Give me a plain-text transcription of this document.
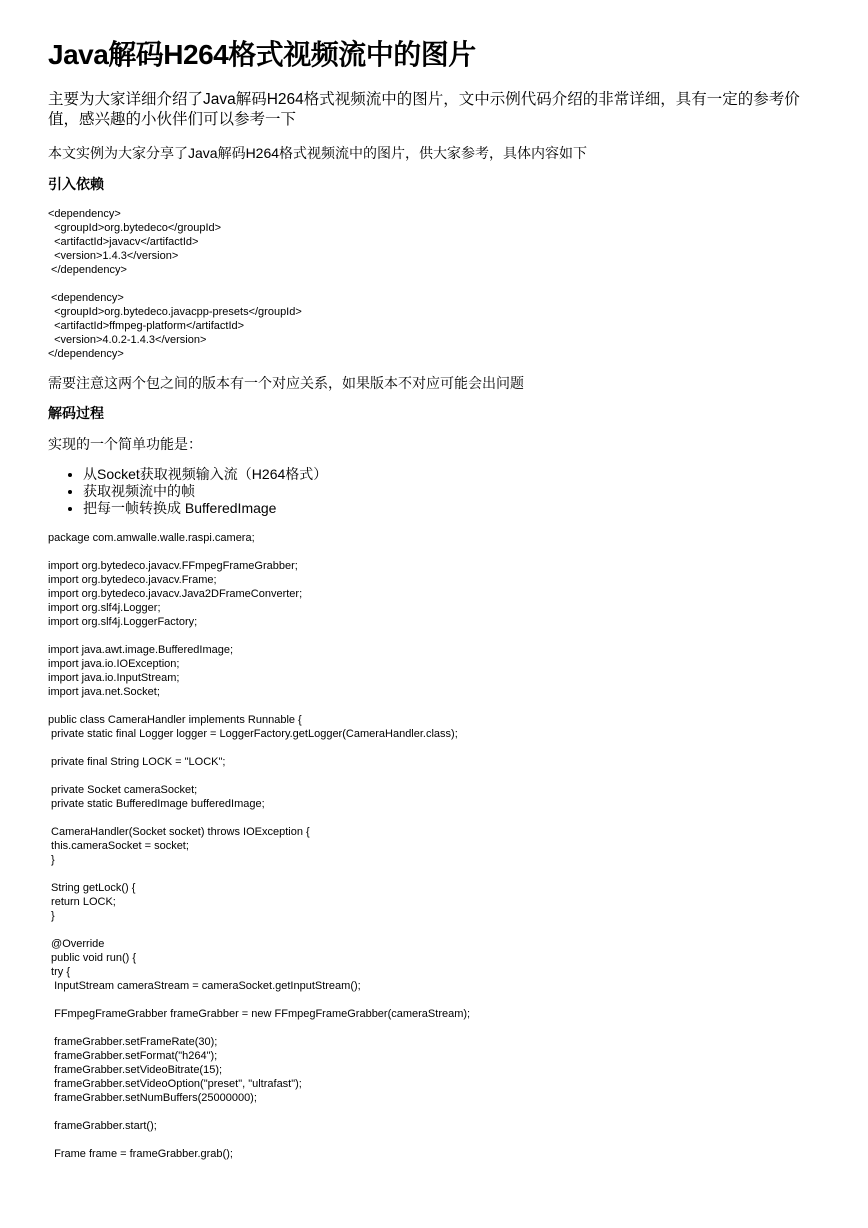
Java解码H264格式视频流中的图片

主要为大家详细介绍了Java解码H264格式视频流中的图片，文中示例代码介绍的非常详细，具有一定的参考价值，感兴趣的小伙伴们可以参考一下

本文实例为大家分享了Java解码H264格式视频流中的图片，供大家参考，具体内容如下

引入依赖

<dependency>
<groupId>org.bytedeco</groupId>
<artifactId>javacv</artifactId>
<version>1.4.3</version>
</dependency>

<dependency>
<groupId>org.bytedeco.javacpp-presets</groupId>
<artifactId>ffmpeg-platform</artifactId>
<version>4.0.2-1.4.3</version>
</dependency>

需要注意这两个包之间的版本有一个对应关系，如果版本不对应可能会出问题

解码过程

实现的一个简单功能是：

• 从Socket获取视频输入流（H264格式）
• 获取视频流中的帧
• 把每一帧转换成 BufferedImage
package com.amwalle.walle.raspi.camera;

import org.bytedeco.javacv.FFmpegFrameGrabber;
import org.bytedeco.javacv.Frame;
import org.bytedeco.javacv.Java2DFrameConverter;
import org.slf4j.Logger;
import org.slf4j.LoggerFactory;

import java.awt.image.BufferedImage;
import java.io.IOException;
import java.io.InputStream;
import java.net.Socket;

public class CameraHandler implements Runnable {
private static final Logger logger = LoggerFactory.getLogger(CameraHandler.class);

private final String LOCK = "LOCK";

private Socket cameraSocket;
private static BufferedImage bufferedImage;

CameraHandler(Socket socket) throws IOException {
this.cameraSocket = socket;
}

String getLock() {
return LOCK;
}

@Override
public void run() {
try {
InputStream cameraStream = cameraSocket.getInputStream();

FFmpegFrameGrabber frameGrabber = new FFmpegFrameGrabber(cameraStream);

frameGrabber.setFrameRate(30);
frameGrabber.setFormat("h264");
frameGrabber.setVideoBitrate(15);
frameGrabber.setVideoOption("preset", "ultrafast");
frameGrabber.setNumBuffers(25000000);

frameGrabber.start();

Frame frame = frameGrabber.grab();
